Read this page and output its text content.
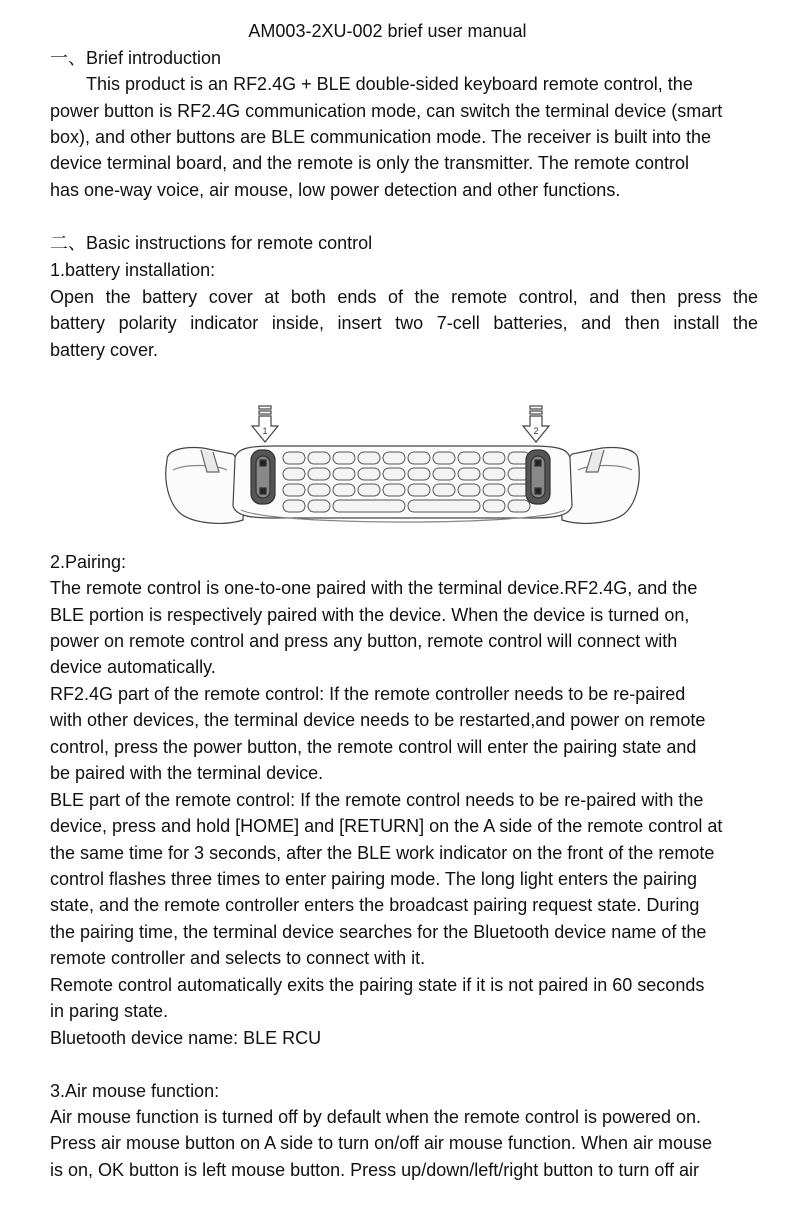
AM003-2XU-002 brief user manual
一、Brief introduction
This product is an RF2.4G + BLE double-sided keyboard remote control, the
power button is RF2.4G communication mode, can switch the terminal device (smart
box), and other buttons are BLE communication mode. The receiver is built into the
device terminal board, and the remote is only the transmitter. The remote control
has one-way voice, air mouse, low power detection and other functions.
二、Basic instructions for remote control
1.battery installation:
Open the battery cover at both ends of the remote control, and then press the
battery polarity indicator inside, insert two 7-cell batteries, and then install the
battery cover.
1	2
2.Pairing:
The remote control is one-to-one paired with the terminal device.RF2.4G, and the
BLE portion is respectively paired with the device. When the device is turned on,
power on remote control and press any button, remote control will connect with
device automatically.
RF2.4G part of the remote control: If the remote controller needs to be re-paired
with other devices, the terminal device needs to be restarted,and power on remote
control, press the power button, the remote control will enter the pairing state and
be paired with the terminal device.
BLE part of the remote control: If the remote control needs to be re-paired with the
device, press and hold [HOME] and [RETURN] on the A side of the remote control at
the same time for 3 seconds, after the BLE work indicator on the front of the remote
control flashes three times to enter pairing mode. The long light enters the pairing
state, and the remote controller enters the broadcast pairing request state. During
the pairing time, the terminal device searches for the Bluetooth device name of the
remote controller and selects to connect with it.
Remote control automatically exits the pairing state if it is not paired in 60 seconds
in paring state.
Bluetooth device name: BLE RCU
3.Air mouse function:
Air mouse function is turned off by default when the remote control is powered on.
Press air mouse button on A side to turn on/off air mouse function. When air mouse
is on, OK button is left mouse button. Press up/down/left/right button to turn off air
